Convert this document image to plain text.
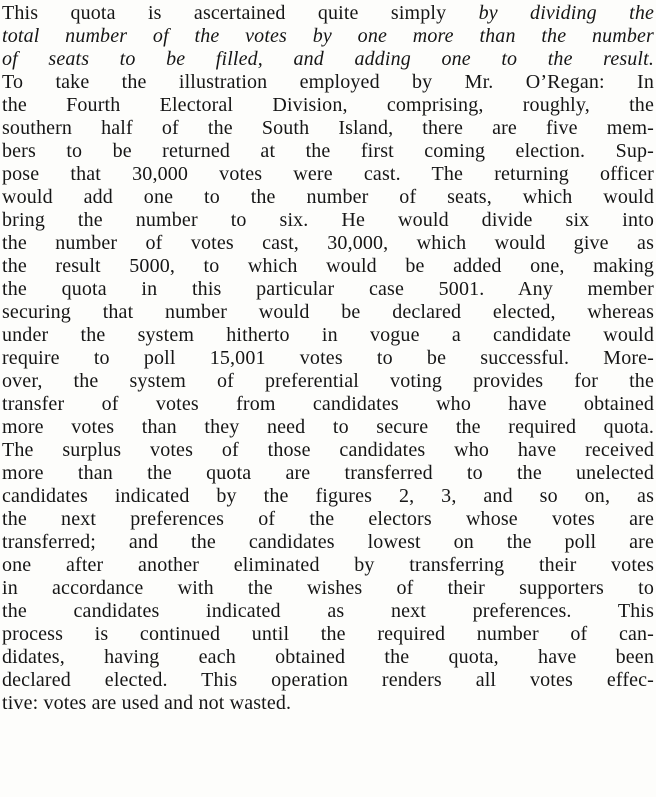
This quota is ascertained quite simply by dividing the
total number of the votes by one more than the number
of seats to be filled, and adding one to the result.
To take the illustration employed by Mr. O’Regan: In
the Fourth Electoral Division, comprising, roughly, the
southern half of the South Island, there are five mem-
bers to be returned at the first coming election. Sup-
pose that 30,000 votes were cast. The returning officer
would add one to the number of seats, which would
bring the number to six. He would divide six into
the number of votes cast, 30,000, which would give as
the result 5000, to which would be added one, making
the quota in this particular case 5001. Any member
securing that number would be declared elected, whereas
under the system hitherto in vogue a candidate would
require to poll 15,001 votes to be successful. More-
over, the system of preferential voting provides for the
transfer of votes from candidates who have obtained
more votes than they need to secure the required quota.
The surplus votes of those candidates who have received
more than the quota are transferred to the unelected
candidates indicated by the figures 2, 3, and so on, as
the next preferences of the electors whose votes are
transferred; and the candidates lowest on the poll are
one after another eliminated by transferring their votes
in accordance with the wishes of their supporters to
the candidates indicated as next preferences. This
process is continued until the required number of can-
didates, having each obtained the quota, have been
declared elected. This operation renders all votes effec-
tive: votes are used and not wasted.
